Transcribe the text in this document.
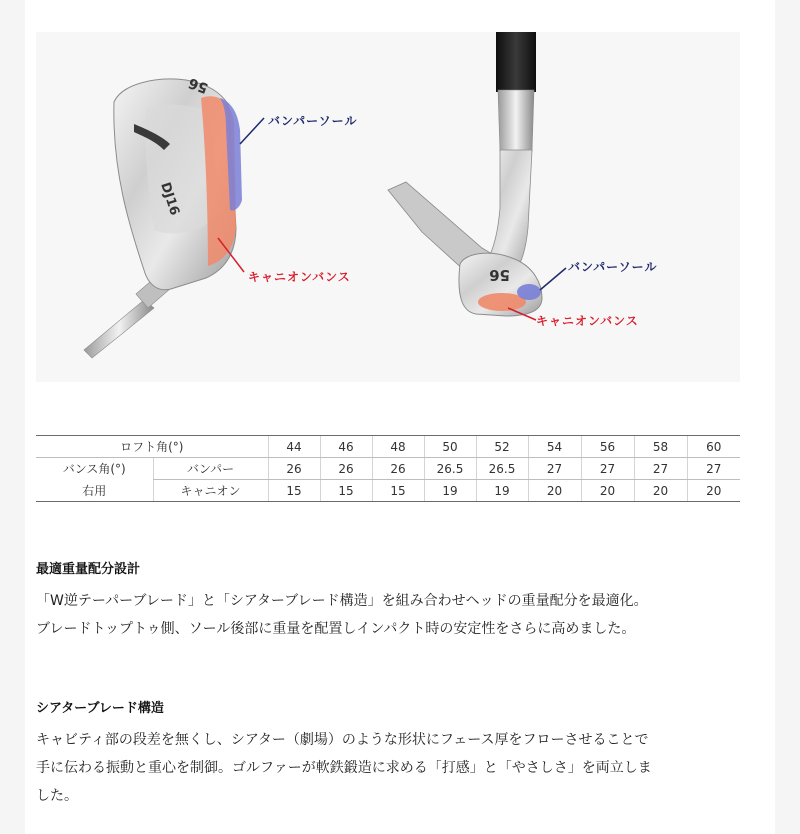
DJ16
56
56
バンパーソール
キャニオンバンス
バンパーソール
キャニオンバンス
ロフト角(°)		44	46	48	50	52	54	56	58	60
バンス角(°)	バンパー	26	26	26	26.5	26.5	27	27	27	27
右用	キャニオン	15	15	15	19	19	20	20	20	20
最適重量配分設計

「W逆テーパーブレード」と「シアターブレード構造」を組み合わせヘッドの重量配分を最適化。
ブレードトップトゥ側、ソール後部に重量を配置しインパクト時の安定性をさらに高めました。

シアターブレード構造

キャビティ部の段差を無くし、シアター（劇場）のような形状にフェース厚をフローさせることで
手に伝わる振動と重心を制御。ゴルファーが軟鉄鍛造に求める「打感」と「やさしさ」を両立しま
した。
